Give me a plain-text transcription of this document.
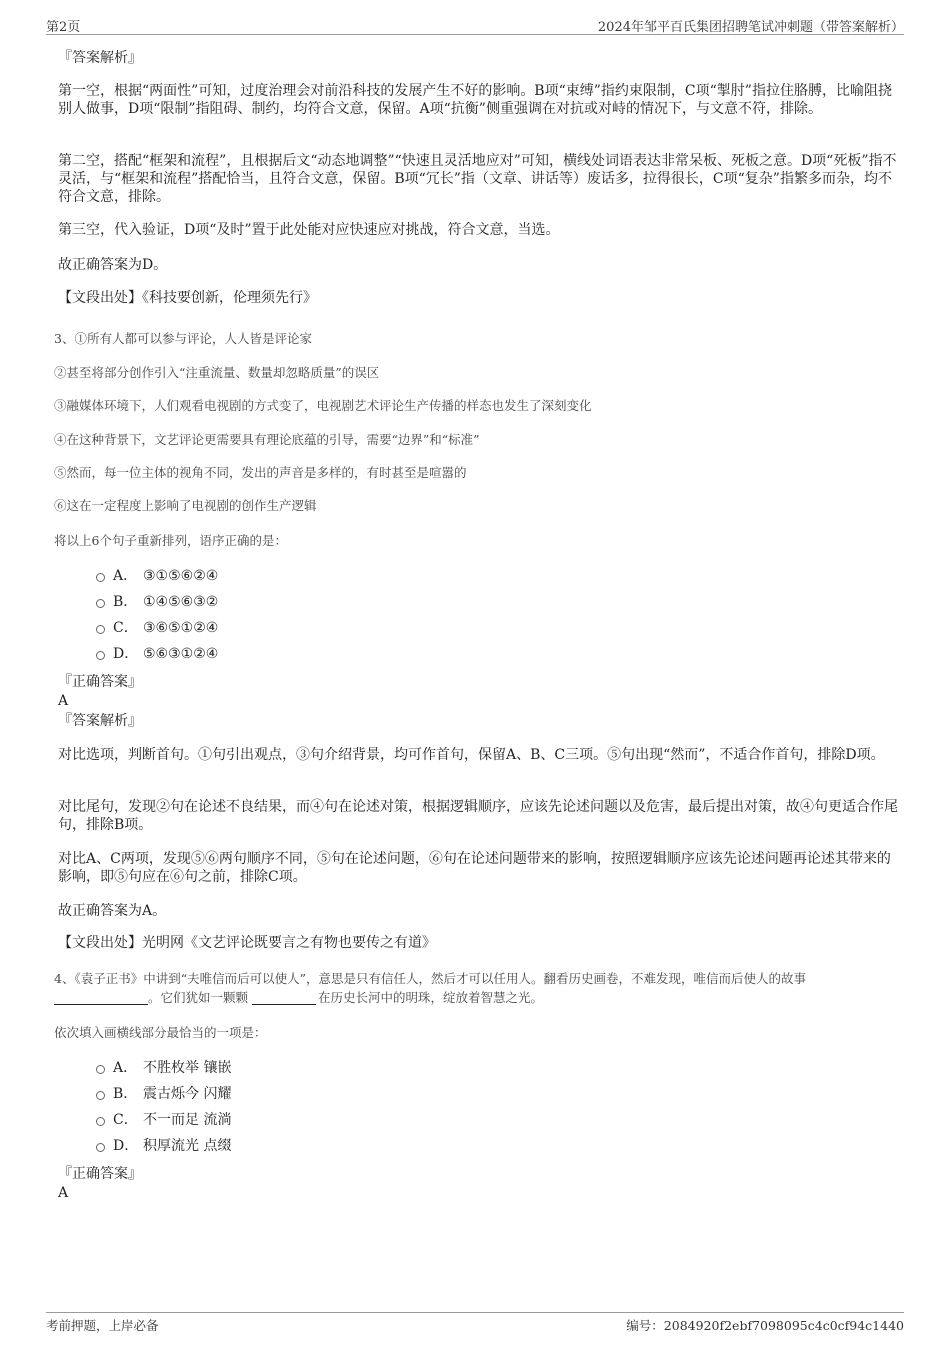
第2页	2024年邹平百氏集团招聘笔试冲刺题（带答案解析）
『答案解析』
第一空，根据“两面性”可知，过度治理会对前沿科技的发展产生不好的影响。B项“束缚”指约束限制，C项“掣肘”指拉住胳膊，比喻阻挠别人做事，D项“限制”指阻碍、制约，均符合文意，保留。A项“抗衡”侧重强调在对抗或对峙的情况下，与文意不符，排除。
第二空，搭配“框架和流程”，且根据后文“动态地调整”“快速且灵活地应对”可知，横线处词语表达非常呆板、死板之意。D项“死板”指不灵活，与“框架和流程”搭配恰当，且符合文意，保留。B项“冗长”指（文章、讲话等）废话多，拉得很长，C项“复杂”指繁多而杂，均不符合文意，排除。
第三空，代入验证，D项“及时”置于此处能对应快速应对挑战，符合文意，当选。
故正确答案为D。
【文段出处】《科技要创新，伦理须先行》
3、①所有人都可以参与评论，人人皆是评论家
②甚至将部分创作引入“注重流量、数量却忽略质量”的误区
③融媒体环境下，人们观看电视剧的方式变了，电视剧艺术评论生产传播的样态也发生了深刻变化
④在这种背景下，文艺评论更需要具有理论底蕴的引导，需要“边界”和“标准”
⑤然而，每一位主体的视角不同，发出的声音是多样的，有时甚至是喧嚣的
⑥这在一定程度上影响了电视剧的创作生产逻辑
将以上6个句子重新排列，语序正确的是：
A． ③①⑤⑥②④
B． ①④⑤⑥③②
C． ③⑥⑤①②④
D． ⑤⑥③①②④
『正确答案』
A
『答案解析』
对比选项，判断首句。①句引出观点，③句介绍背景，均可作首句，保留A、B、C三项。⑤句出现“然而”，不适合作首句，排除D项。
对比尾句，发现②句在论述不良结果，而④句在论述对策，根据逻辑顺序，应该先论述问题以及危害，最后提出对策，故④句更适合作尾句，排除B项。
对比A、C两项，发现⑤⑥两句顺序不同，⑤句在论述问题，⑥句在论述问题带来的影响，按照逻辑顺序应该先论述问题再论述其带来的影响，即⑤句应在⑥句之前，排除C项。
故正确答案为A。
【文段出处】光明网《文艺评论既要言之有物也要传之有道》
4、《袁子正书》中讲到“夫唯信而后可以使人”，意思是只有信任人，然后才可以任用人。翻看历史画卷，不难发现，唯信而后使人的故事
。它们犹如一颗颗	在历史长河中的明珠，绽放着智慧之光。
依次填入画横线部分最恰当的一项是：
A． 不胜枚举 镶嵌
B． 震古烁今 闪耀
C． 不一而足 流淌
D． 积厚流光 点缀
『正确答案』
A
考前押题，上岸必备	编号：2084920f2ebf7098095c4c0cf94c1440
